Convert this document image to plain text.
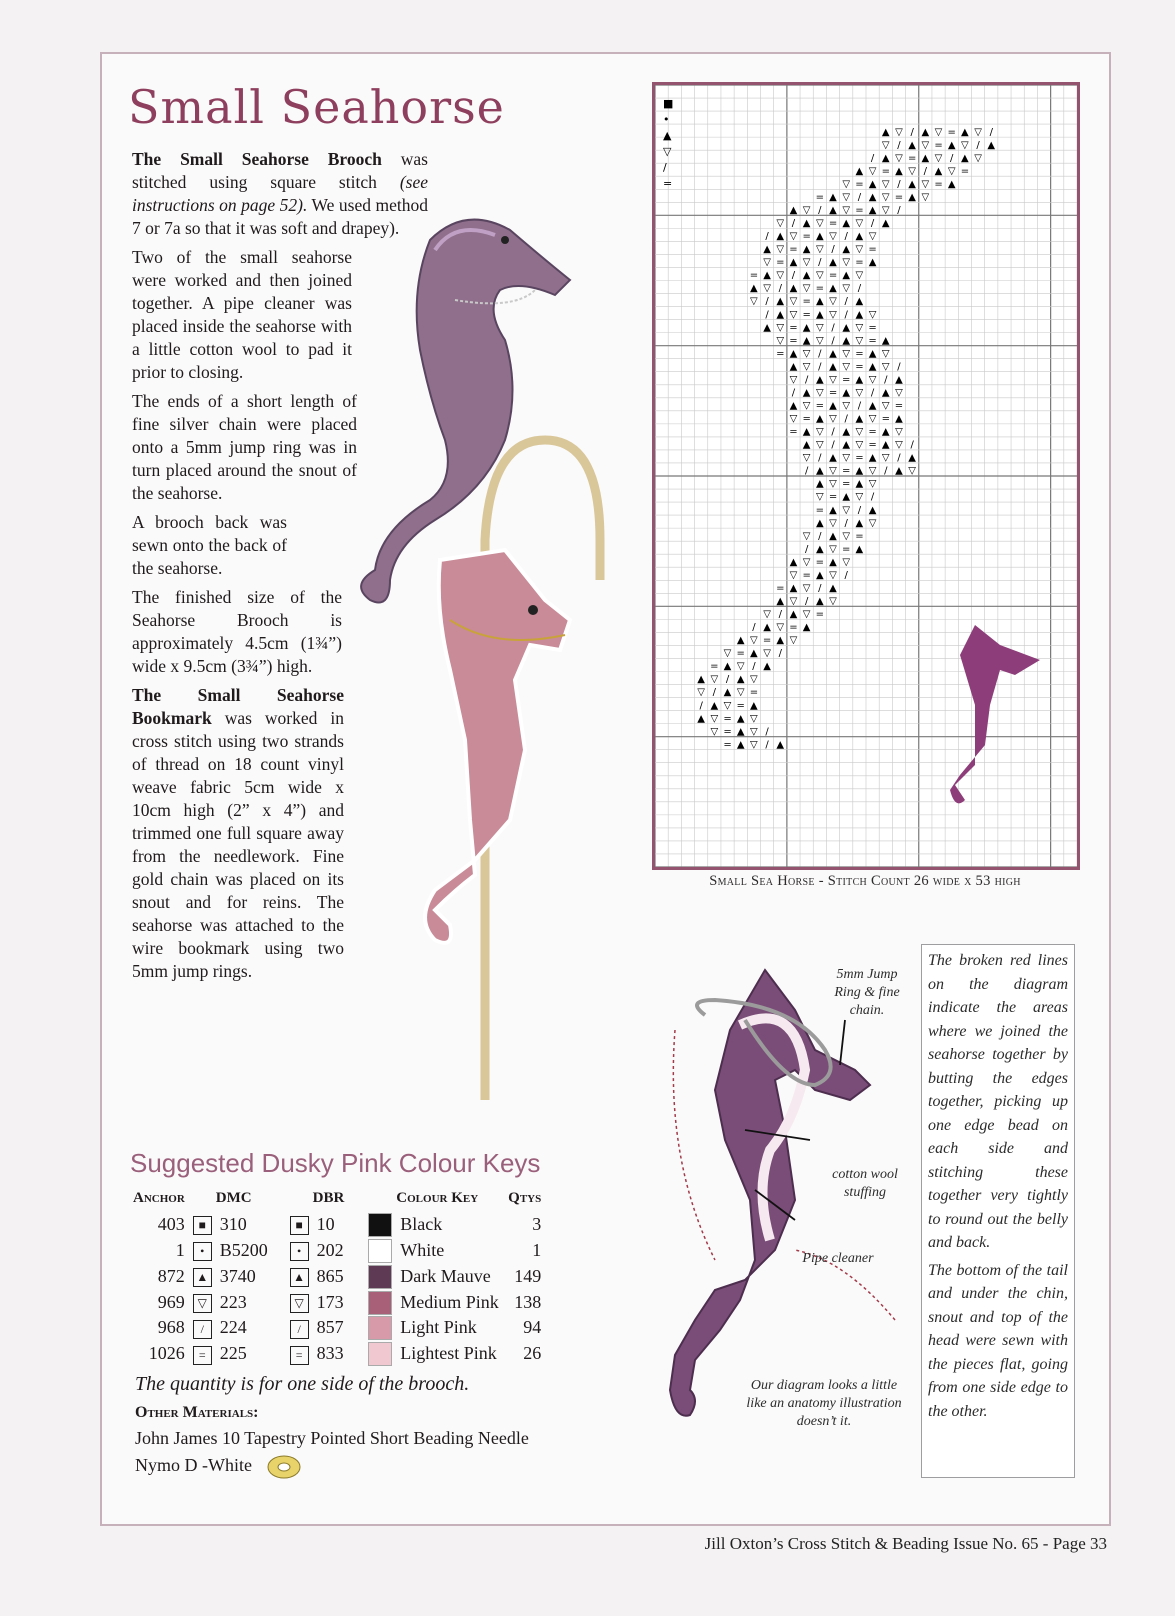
Small Seahorse

The Small Seahorse Brooch was stitched using square stitch (see instructions on page 52). We used method 7 or 7a so that it was soft and drapey).

Two of the small seahorse were worked and then joined together. A pipe cleaner was placed inside the seahorse with a little cotton wool to pad it prior to closing.

The ends of a short length of fine silver chain were placed onto a 5mm jump ring was in turn placed around the snout of the seahorse.

A brooch back was sewn onto the back of the seahorse.

The finished size of the Seahorse Brooch is approximately 4.5cm (1¾”) wide x 9.5cm (3¾”) high.

The Small Seahorse Bookmark was worked in cross stitch using two strands of thread on 18 count vinyl weave fabric 5cm wide x 10cm high (2” x 4”) and trimmed one full square away from the needlework. Fine gold chain was placed on its snout and for reins. The seahorse was attached to the wire bookmark using two 5mm jump rings.

▲ ▽ / ▲ ▽ = ▲ ▽ /
▽ / ▲ ▽ = ▲ ▽ / ▲
/ ▲ ▽ = ▲ ▽ / ▲ ▽
▲ ▽ = ▲ ▽ / ▲ ▽ =
▽ = ▲ ▽ / ▲ ▽ = ▲
= ▲ ▽ / ▲ ▽ = ▲ ▽
▲ ▽ / ▲ ▽ = ▲ ▽ /
▽ / ▲ ▽ = ▲ ▽ / ▲
/ ▲ ▽ = ▲ ▽ / ▲ ▽
▲ ▽ = ▲ ▽ / ▲ ▽ =
▽ = ▲ ▽ / ▲ ▽ = ▲
= ▲ ▽ / ▲ ▽ = ▲ ▽
▲ ▽ / ▲ ▽ = ▲ ▽ /
▽ / ▲ ▽ = ▲ ▽ / ▲
/ ▲ ▽ = ▲ ▽ / ▲ ▽
▲ ▽ = ▲ ▽ / ▲ ▽ =
▽ = ▲ ▽ / ▲ ▽ = ▲
= ▲ ▽ / ▲ ▽ = ▲ ▽
▲ ▽ / ▲ ▽ = ▲ ▽ /
▽ / ▲ ▽ = ▲ ▽ / ▲
/ ▲ ▽ = ▲ ▽ / ▲ ▽
▲ ▽ = ▲ ▽ / ▲ ▽ =
▽ = ▲ ▽ / ▲ ▽ = ▲
= ▲ ▽ / ▲ ▽ = ▲ ▽
▲ ▽ / ▲ ▽ = ▲ ▽ /
▽ / ▲ ▽ = ▲ ▽ / ▲
/ ▲ ▽ = ▲ ▽ / ▲ ▽
▲ ▽ = ▲ ▽
▽ = ▲ ▽ /
= ▲ ▽ / ▲
▲ ▽ / ▲ ▽
▽ / ▲ ▽ =
/ ▲ ▽ = ▲
▲ ▽ = ▲ ▽
▽ = ▲ ▽ /
= ▲ ▽ / ▲
▲ ▽ / ▲ ▽
▽ / ▲ ▽ =
/ ▲ ▽ = ▲
▲ ▽ = ▲ ▽
▽ = ▲ ▽ /
= ▲ ▽ / ▲
▲ ▽ / ▲ ▽
▽ / ▲ ▽ =
/ ▲ ▽ = ▲
▲ ▽ = ▲ ▽
▽ = ▲ ▽ /
= ▲ ▽ / ▲
■
•
▲
▽
/
=
Small Sea Horse - Stitch Count 26 wide x 53 high
Suggested Dusky Pink Colour Keys
Anchor		DMC		DBR		Colour Key	Qtys
403	■	310	■	10		Black	3
1	•	B5200	•	202		White	1
872	▲	3740	▲	865		Dark Mauve	149
969	▽	223	▽	173		Medium Pink	138
968	/	224	/	857		Light Pink	94
1026	=	225	=	833		Lightest Pink	26
The quantity is for one side of the brooch.
Other Materials:
John James 10 Tapestry Pointed Short Beading Needle
Nymo D -White
5mm Jump Ring & fine chain.
cotton wool stuffing
Pipe cleaner
Our diagram looks a little like an anatomy illustration doesn’t it.

The broken red lines on the diagram indicate the areas where we joined the seahorse together by butting the edges together, picking up one edge bead on each side and stitching these together very tightly to round out the belly and back.

The bottom of the tail and under the chin, snout and top of the head were sewn with the pieces flat, going from one side edge to the other.

Jill Oxton’s Cross Stitch & Beading Issue No. 65 - Page 33
